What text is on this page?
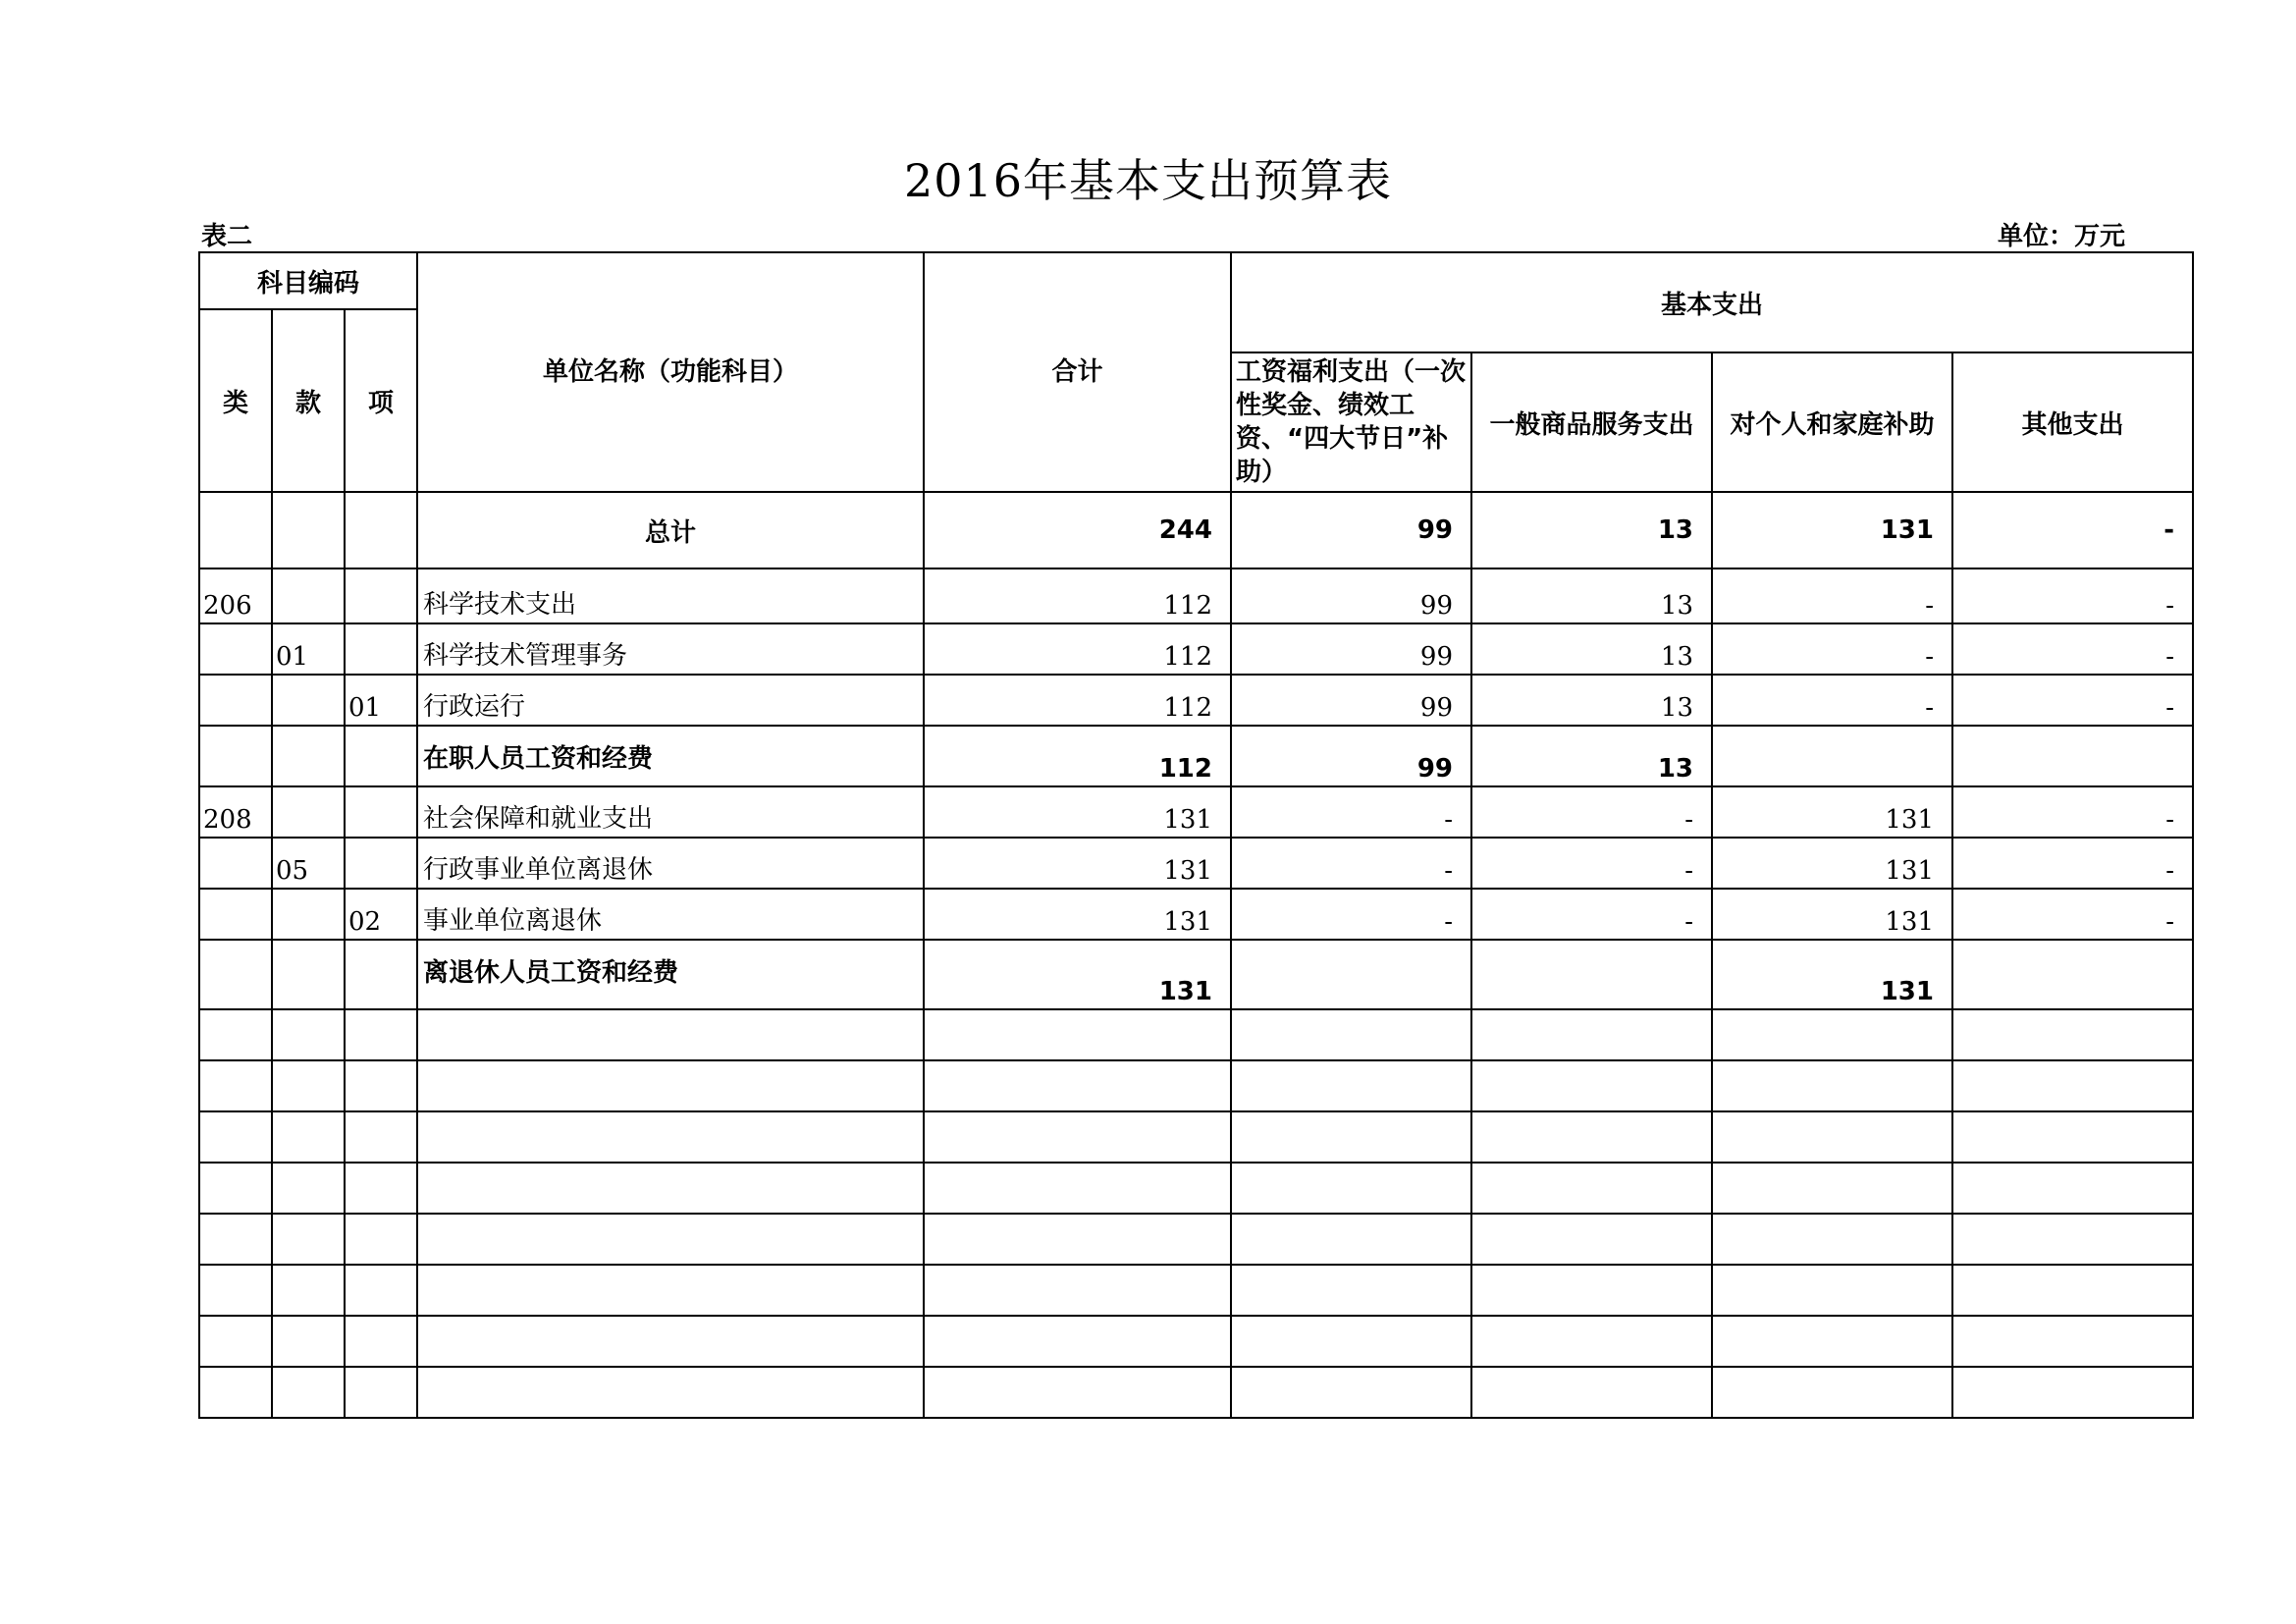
2016年基本支出预算表
表二	单位：万元
科目编码			单位名称（功能科目）	合计	基本支出			
类	款	项						
					工资福利支出（一次性奖金、绩效工资、“四大节日”补助）	一般商品服务支出	对个人和家庭补助	其他支出
			总计	244	99	13	131	-
206			科学技术支出	112	99	13	-	-
	01		科学技术管理事务	112	99	13	-	-
		01	行政运行	112	99	13	-	-
			在职人员工资和经费	112	99	13		
208			社会保障和就业支出	131	-	-	131	-
	05		行政事业单位离退休	131	-	-	131	-
		02	事业单位离退休	131	-	-	131	-
			离退休人员工资和经费	131			131	
